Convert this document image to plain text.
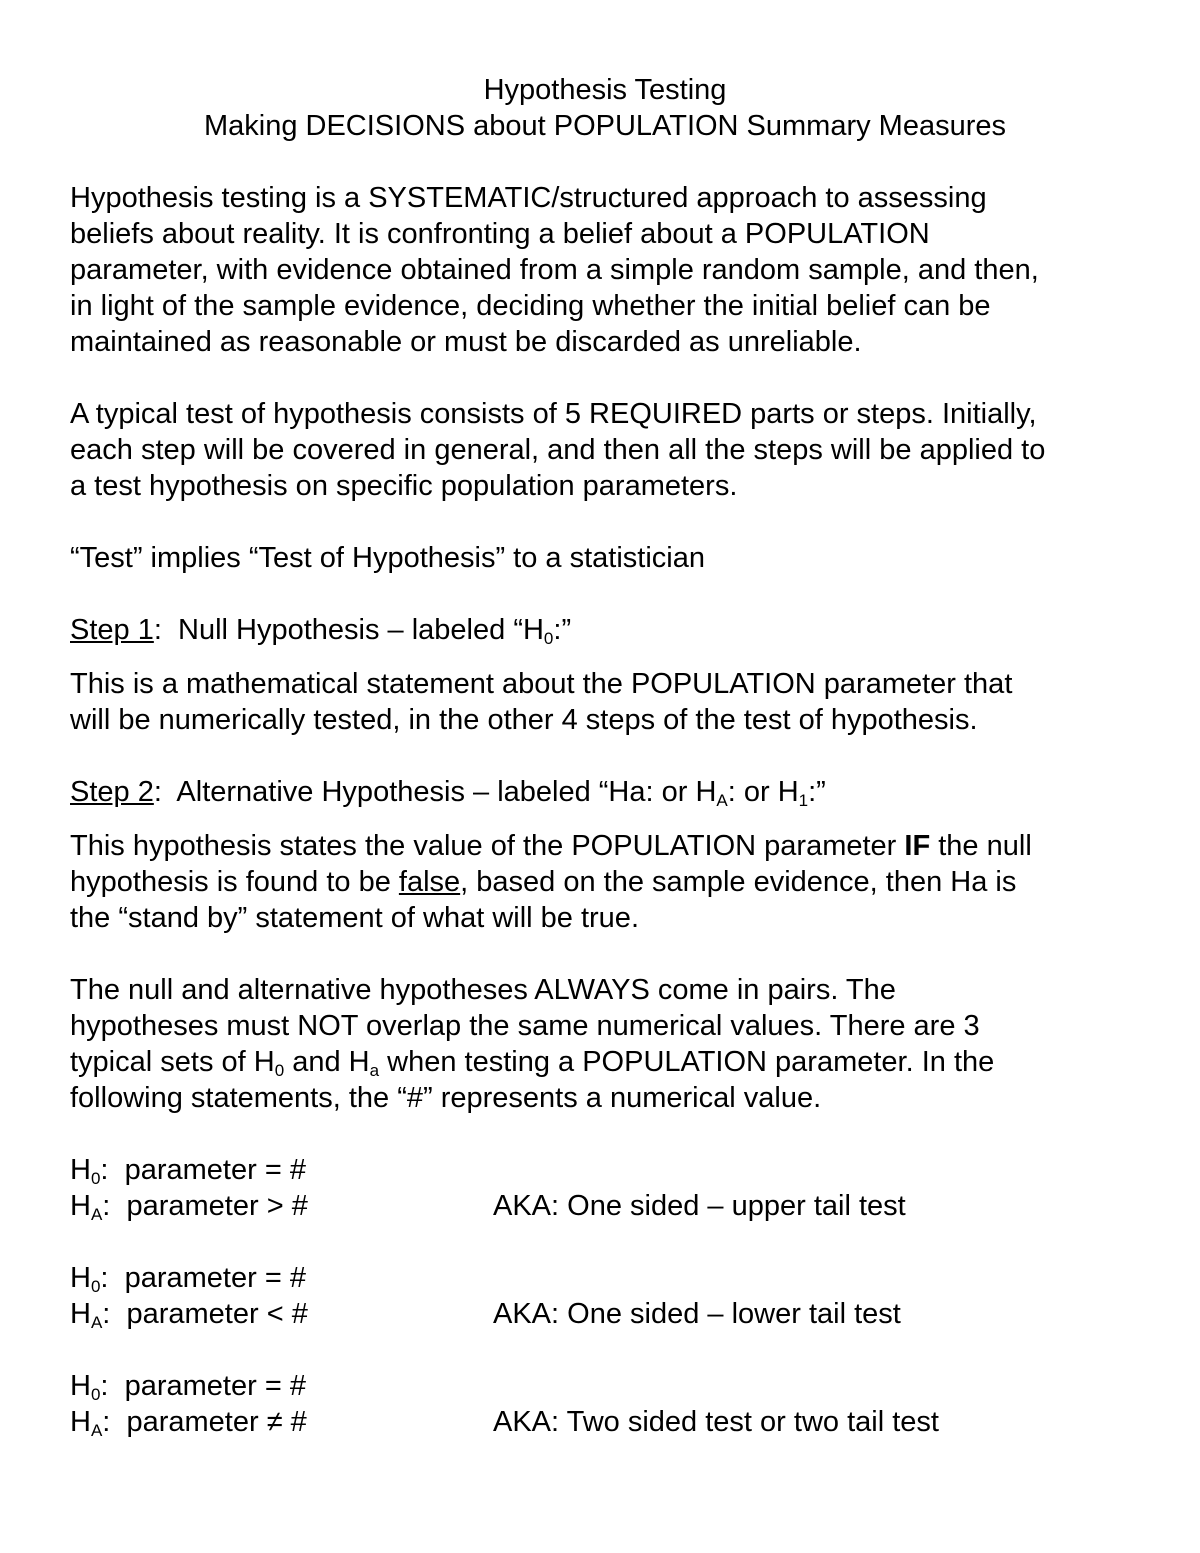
Hypothesis Testing

Making DECISIONS about POPULATION Summary Measures

Hypothesis testing is a SYSTEMATIC/structured approach to assessing

beliefs about reality. It is confronting a belief about a POPULATION

parameter, with evidence obtained from a simple random sample, and then,

in light of the sample evidence, deciding whether the initial belief can be

maintained as reasonable or must be discarded as unreliable.

A typical test of hypothesis consists of 5 REQUIRED parts or steps. Initially,

each step will be covered in general, and then all the steps will be applied to

a test hypothesis on specific population parameters.

“Test” implies “Test of Hypothesis” to a statistician

Step 1:  Null Hypothesis – labeled “$H_0$:”

This is a mathematical statement about the POPULATION parameter that

will be numerically tested, in the other 4 steps of the test of hypothesis.

Step 2:  Alternative Hypothesis – labeled “Ha: or $H_A$: or $H_1$:”

This hypothesis states the value of the POPULATION parameter IF the null

hypothesis is found to be false, based on the sample evidence, then Ha is

the “stand by” statement of what will be true.

The null and alternative hypotheses ALWAYS come in pairs. The

hypotheses must NOT overlap the same numerical values. There are 3

typical sets of $H_0$ and $H_a$ when testing a POPULATION parameter. In the

following statements, the “#” represents a numerical value.

$H_0$:  parameter = #
$H_A$:  parameter > #	AKA: One sided – upper tail test
$H_0$:  parameter = #
$H_A$:  parameter < #	AKA: One sided – lower tail test
$H_0$:  parameter = #
$H_A$:  parameter ≠ #	AKA: Two sided test or two tail test
